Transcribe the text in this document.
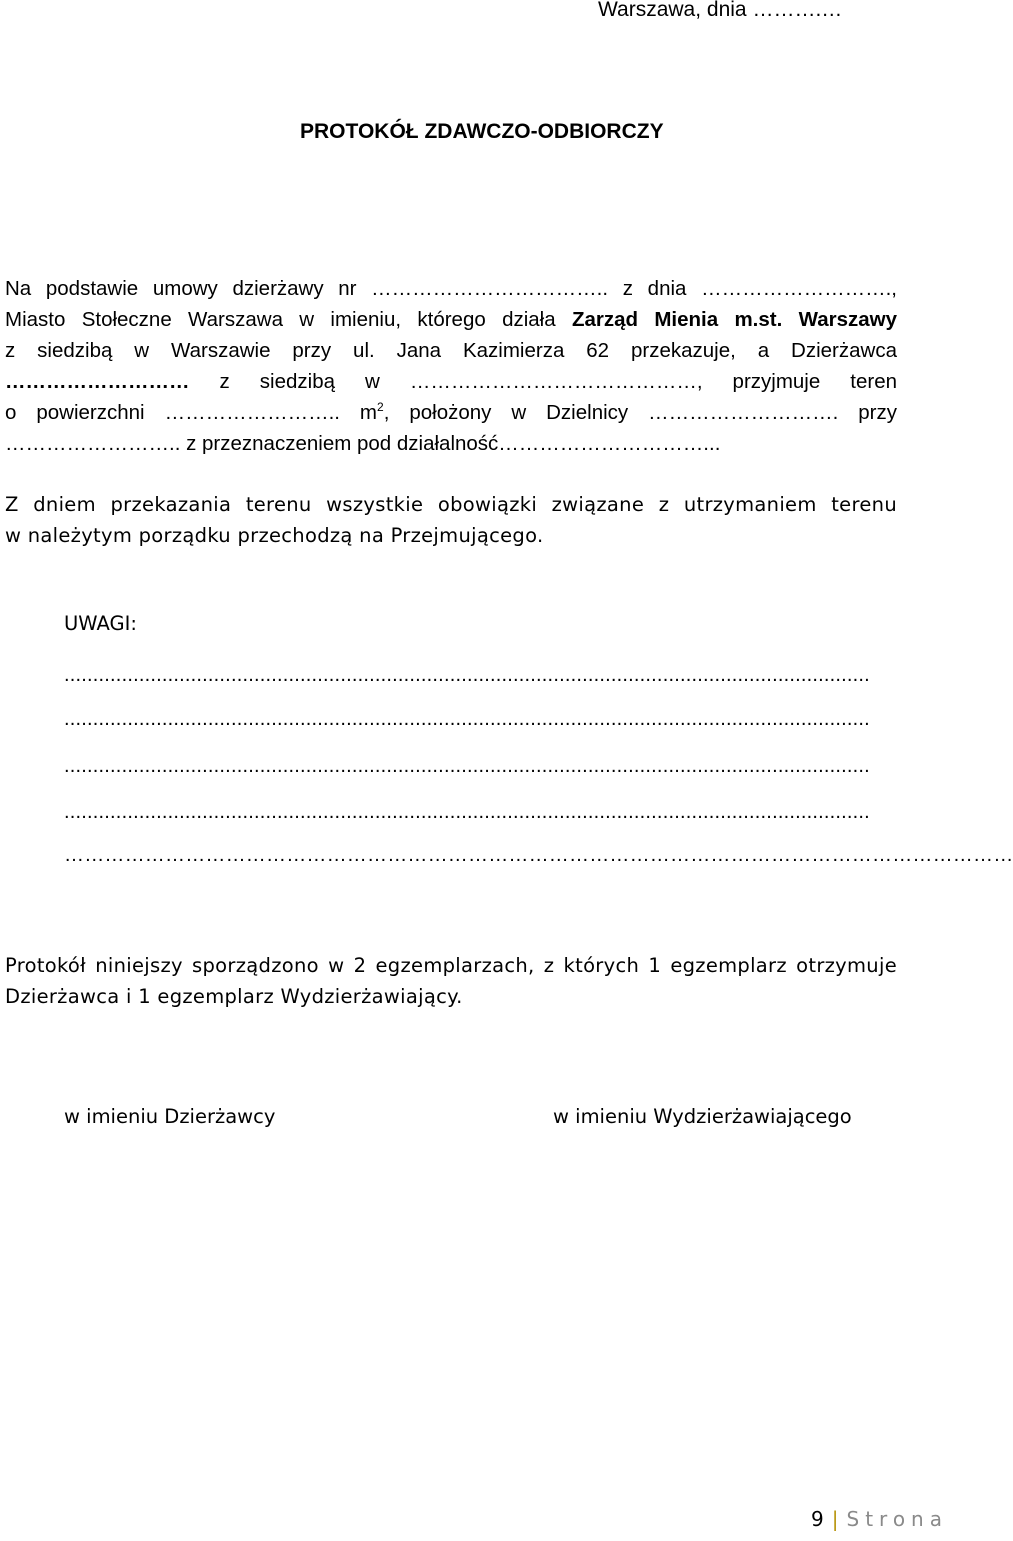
Warszawa, dnia ……….…
PROTOKÓŁ ZDAWCZO-ODBIORCZY
Na podstawie umowy dzierżawy nr …………………………….. z dnia ……………………….,
Miasto Stołeczne Warszawa w imieniu, którego działa Zarząd Mienia m.st. Warszawy
z siedzibą w Warszawie przy ul. Jana Kazimierza 62 przekazuje, a Dzierżawca
……………………… z siedzibą w ……………………………………, przyjmuje teren
o powierzchni …………………….. $m^2$, położony w Dzielnicy ………………………. przy
…………………….. z przeznaczeniem pod działalność…………………………...
Z dniem przekazania terenu wszystkie obowiązki związane z utrzymaniem terenu
w należytym porządku przechodzą na Przejmującego.
UWAGI:
............................................................................................................................................
............................................................................................................................................
............................................................................................................................................
............................................................................................................................................
……………………………………………………………………………………………………………………………
Protokół niniejszy sporządzono w 2 egzemplarzach, z których 1 egzemplarz otrzymuje
Dzierżawca i 1 egzemplarz Wydzierżawiający.
w imieniu Dzierżawcy	w imieniu Wydzierżawiającego
9 | Strona
